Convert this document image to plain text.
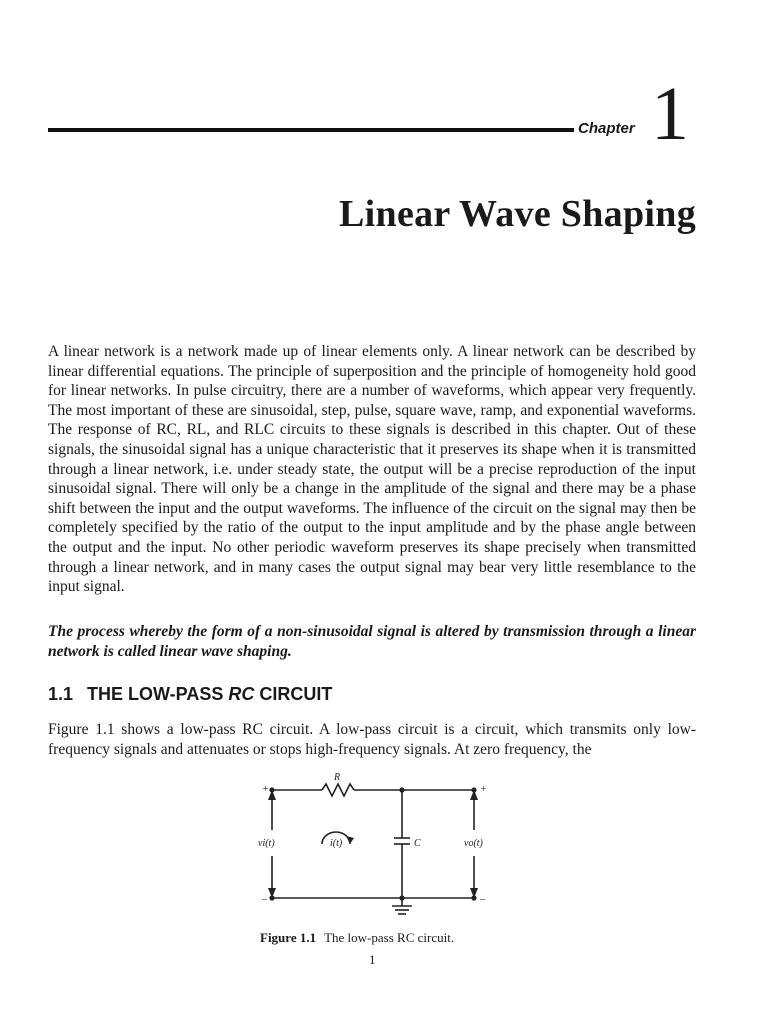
Chapter 1
Linear Wave Shaping

A linear network is a network made up of linear elements only. A linear network can be described by linear differential equations. The principle of superposition and the principle of homogeneity hold good for linear networks. In pulse circuitry, there are a number of waveforms, which appear very frequently. The most important of these are sinusoidal, step, pulse, square wave, ramp, and exponential waveforms. The response of RC, RL, and RLC circuits to these signals is described in this chapter. Out of these signals, the sinusoidal signal has a unique characteristic that it preserves its shape when it is transmitted through a linear network, i.e. under steady state, the output will be a precise reproduction of the input sinusoidal signal. There will only be a change in the amplitude of the signal and there may be a phase shift between the input and the output waveforms. The influence of the circuit on the signal may then be completely specified by the ratio of the output to the input amplitude and by the phase angle between the output and the input. No other periodic waveform preserves its shape precisely when transmitted through a linear network, and in many cases the output signal may bear very little resemblance to the input signal.

The process whereby the form of a non-sinusoidal signal is altered by transmission through a linear network is called linear wave shaping.

1.1 THE LOW-PASS RC CIRCUIT

Figure 1.1 shows a low-pass RC circuit. A low-pass circuit is a circuit, which transmits only low-frequency signals and attenuates or stops high-frequency signals. At zero frequency, the

R
C
vi(t)	vo(t)
i(t)
+
–
+
–

Figure 1.1 The low-pass RC circuit.

1
